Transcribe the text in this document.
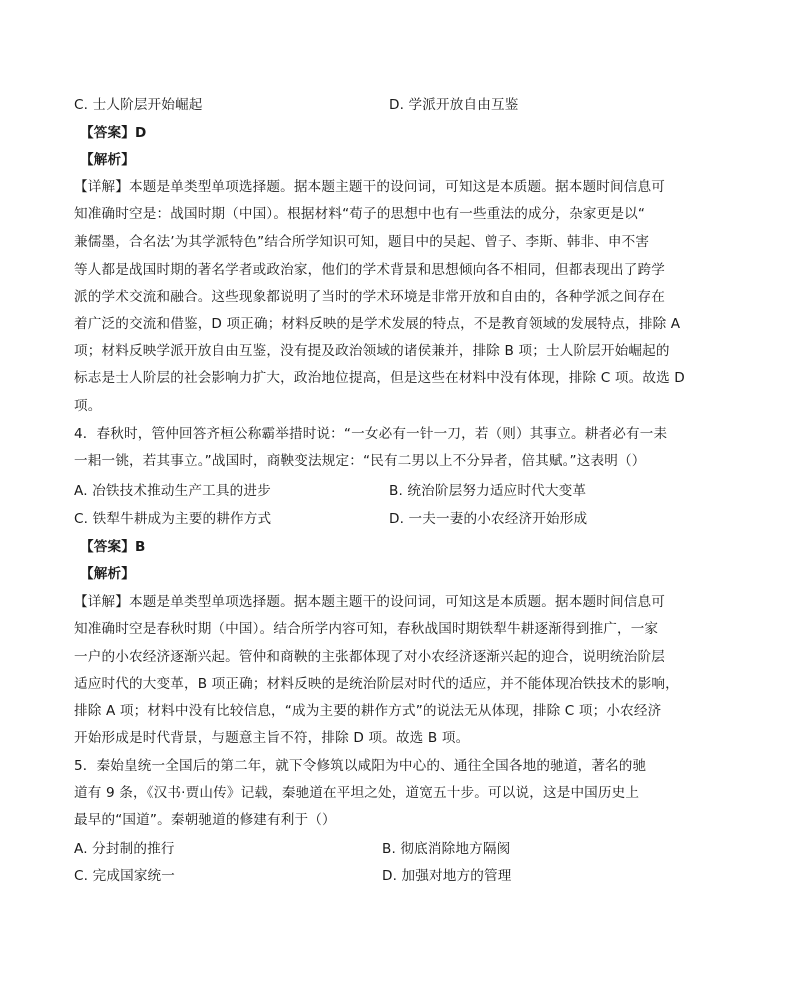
C. 士人阶层开始崛起	D. 学派开放自由互鉴
【答案】D
【解析】
【详解】本题是单类型单项选择题。据本题主题干的设问词，可知这是本质题。据本题时间信息可
知准确时空是：战国时期（中国）。根据材料“荀子的思想中也有一些重法的成分，杂家更是以“
兼儒墨，合名法’为其学派特色”结合所学知识可知，题目中的吴起、曾子、李斯、韩非、申不害
等人都是战国时期的著名学者或政治家，他们的学术背景和思想倾向各不相同，但都表现出了跨学
派的学术交流和融合。这些现象都说明了当时的学术环境是非常开放和自由的，各种学派之间存在
着广泛的交流和借鉴，D 项正确；材料反映的是学术发展的特点，不是教育领域的发展特点，排除 A
项；材料反映学派开放自由互鉴，没有提及政治领域的诸侯兼并，排除 B 项；士人阶层开始崛起的
标志是士人阶层的社会影响力扩大，政治地位提高，但是这些在材料中没有体现，排除 C 项。故选 D
项。
4．春秋时，管仲回答齐桓公称霸举措时说：“一女必有一针一刀，若（则）其事立。耕者必有一耒
一耜一铫，若其事立。”战国时，商鞅变法规定：“民有二男以上不分异者，倍其赋。”这表明（）
A. 冶铁技术推动生产工具的进步	B. 统治阶层努力适应时代大变革
C. 铁犁牛耕成为主要的耕作方式	D. 一夫一妻的小农经济开始形成
【答案】B
【解析】
【详解】本题是单类型单项选择题。据本题主题干的设问词，可知这是本质题。据本题时间信息可
知准确时空是春秋时期（中国）。结合所学内容可知，春秋战国时期铁犁牛耕逐渐得到推广，一家
一户的小农经济逐渐兴起。管仲和商鞅的主张都体现了对小农经济逐渐兴起的迎合，说明统治阶层
适应时代的大变革，B 项正确；材料反映的是统治阶层对时代的适应，并不能体现冶铁技术的影响，
排除 A 项；材料中没有比较信息，“成为主要的耕作方式”的说法无从体现，排除 C 项；小农经济
开始形成是时代背景，与题意主旨不符，排除 D 项。故选 B 项。
5．秦始皇统一全国后的第二年，就下令修筑以咸阳为中心的、通往全国各地的驰道，著名的驰
道有 9 条，《汉书·贾山传》记载，秦驰道在平坦之处，道宽五十步。可以说，这是中国历史上
最早的“国道”。秦朝驰道的修建有利于（）
A. 分封制的推行	B. 彻底消除地方隔阂
C. 完成国家统一	D. 加强对地方的管理
